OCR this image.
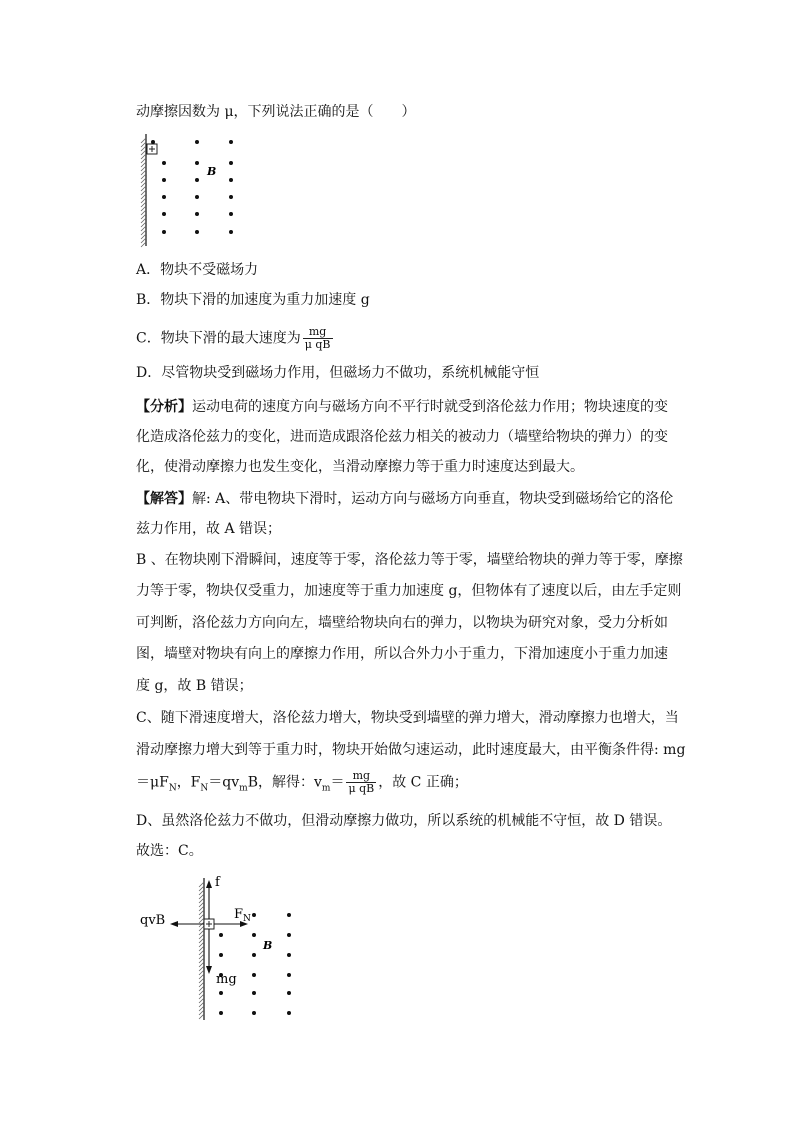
动摩擦因数为 μ，下列说法正确的是（　　）
B
A．物块不受磁场力
B．物块下滑的加速度为重力加速度 g
C．物块下滑的最大速度为 $\frac{mg}{\text{μ qB}}$
D．尽管物块受到磁场力作用，但磁场力不做功，系统机械能守恒
【分析】运动电荷的速度方向与磁场方向不平行时就受到洛伦兹力作用；物块速度的变
化造成洛伦兹力的变化，进而造成跟洛伦兹力相关的被动力（墙壁给物块的弹力）的变
化，使滑动摩擦力也发生变化，当滑动摩擦力等于重力时速度达到最大。
【解答】解: A、带电物块下滑时，运动方向与磁场方向垂直，物块受到磁场给它的洛伦
兹力作用，故 A 错误；
B 、在物块刚下滑瞬间，速度等于零，洛伦兹力等于零，墙壁给物块的弹力等于零，摩擦
力等于零，物块仅受重力，加速度等于重力加速度 g，但物体有了速度以后，由左手定则
可判断，洛伦兹力方向向左，墙壁给物块向右的弹力，以物块为研究对象，受力分析如
图，墙壁对物块有向上的摩擦力作用，所以合外力小于重力，下滑加速度小于重力加速
度 g，故 B 错误；
C、随下滑速度增大，洛伦兹力增大，物块受到墙壁的弹力增大，滑动摩擦力也增大，当
滑动摩擦力增大到等于重力时，物块开始做匀速运动，此时速度最大，由平衡条件得: mg
$=\mu F_N$，$F_N=qv_mB$，解得：$v_m= \frac{mg}{\text{μ qB}}$ ，故 C 正确；
D、虽然洛伦兹力不做功，但滑动摩擦力做功，所以系统的机械能不守恒，故 D 错误。
故选：C。
f
mg
qvB	$F_N$
B
